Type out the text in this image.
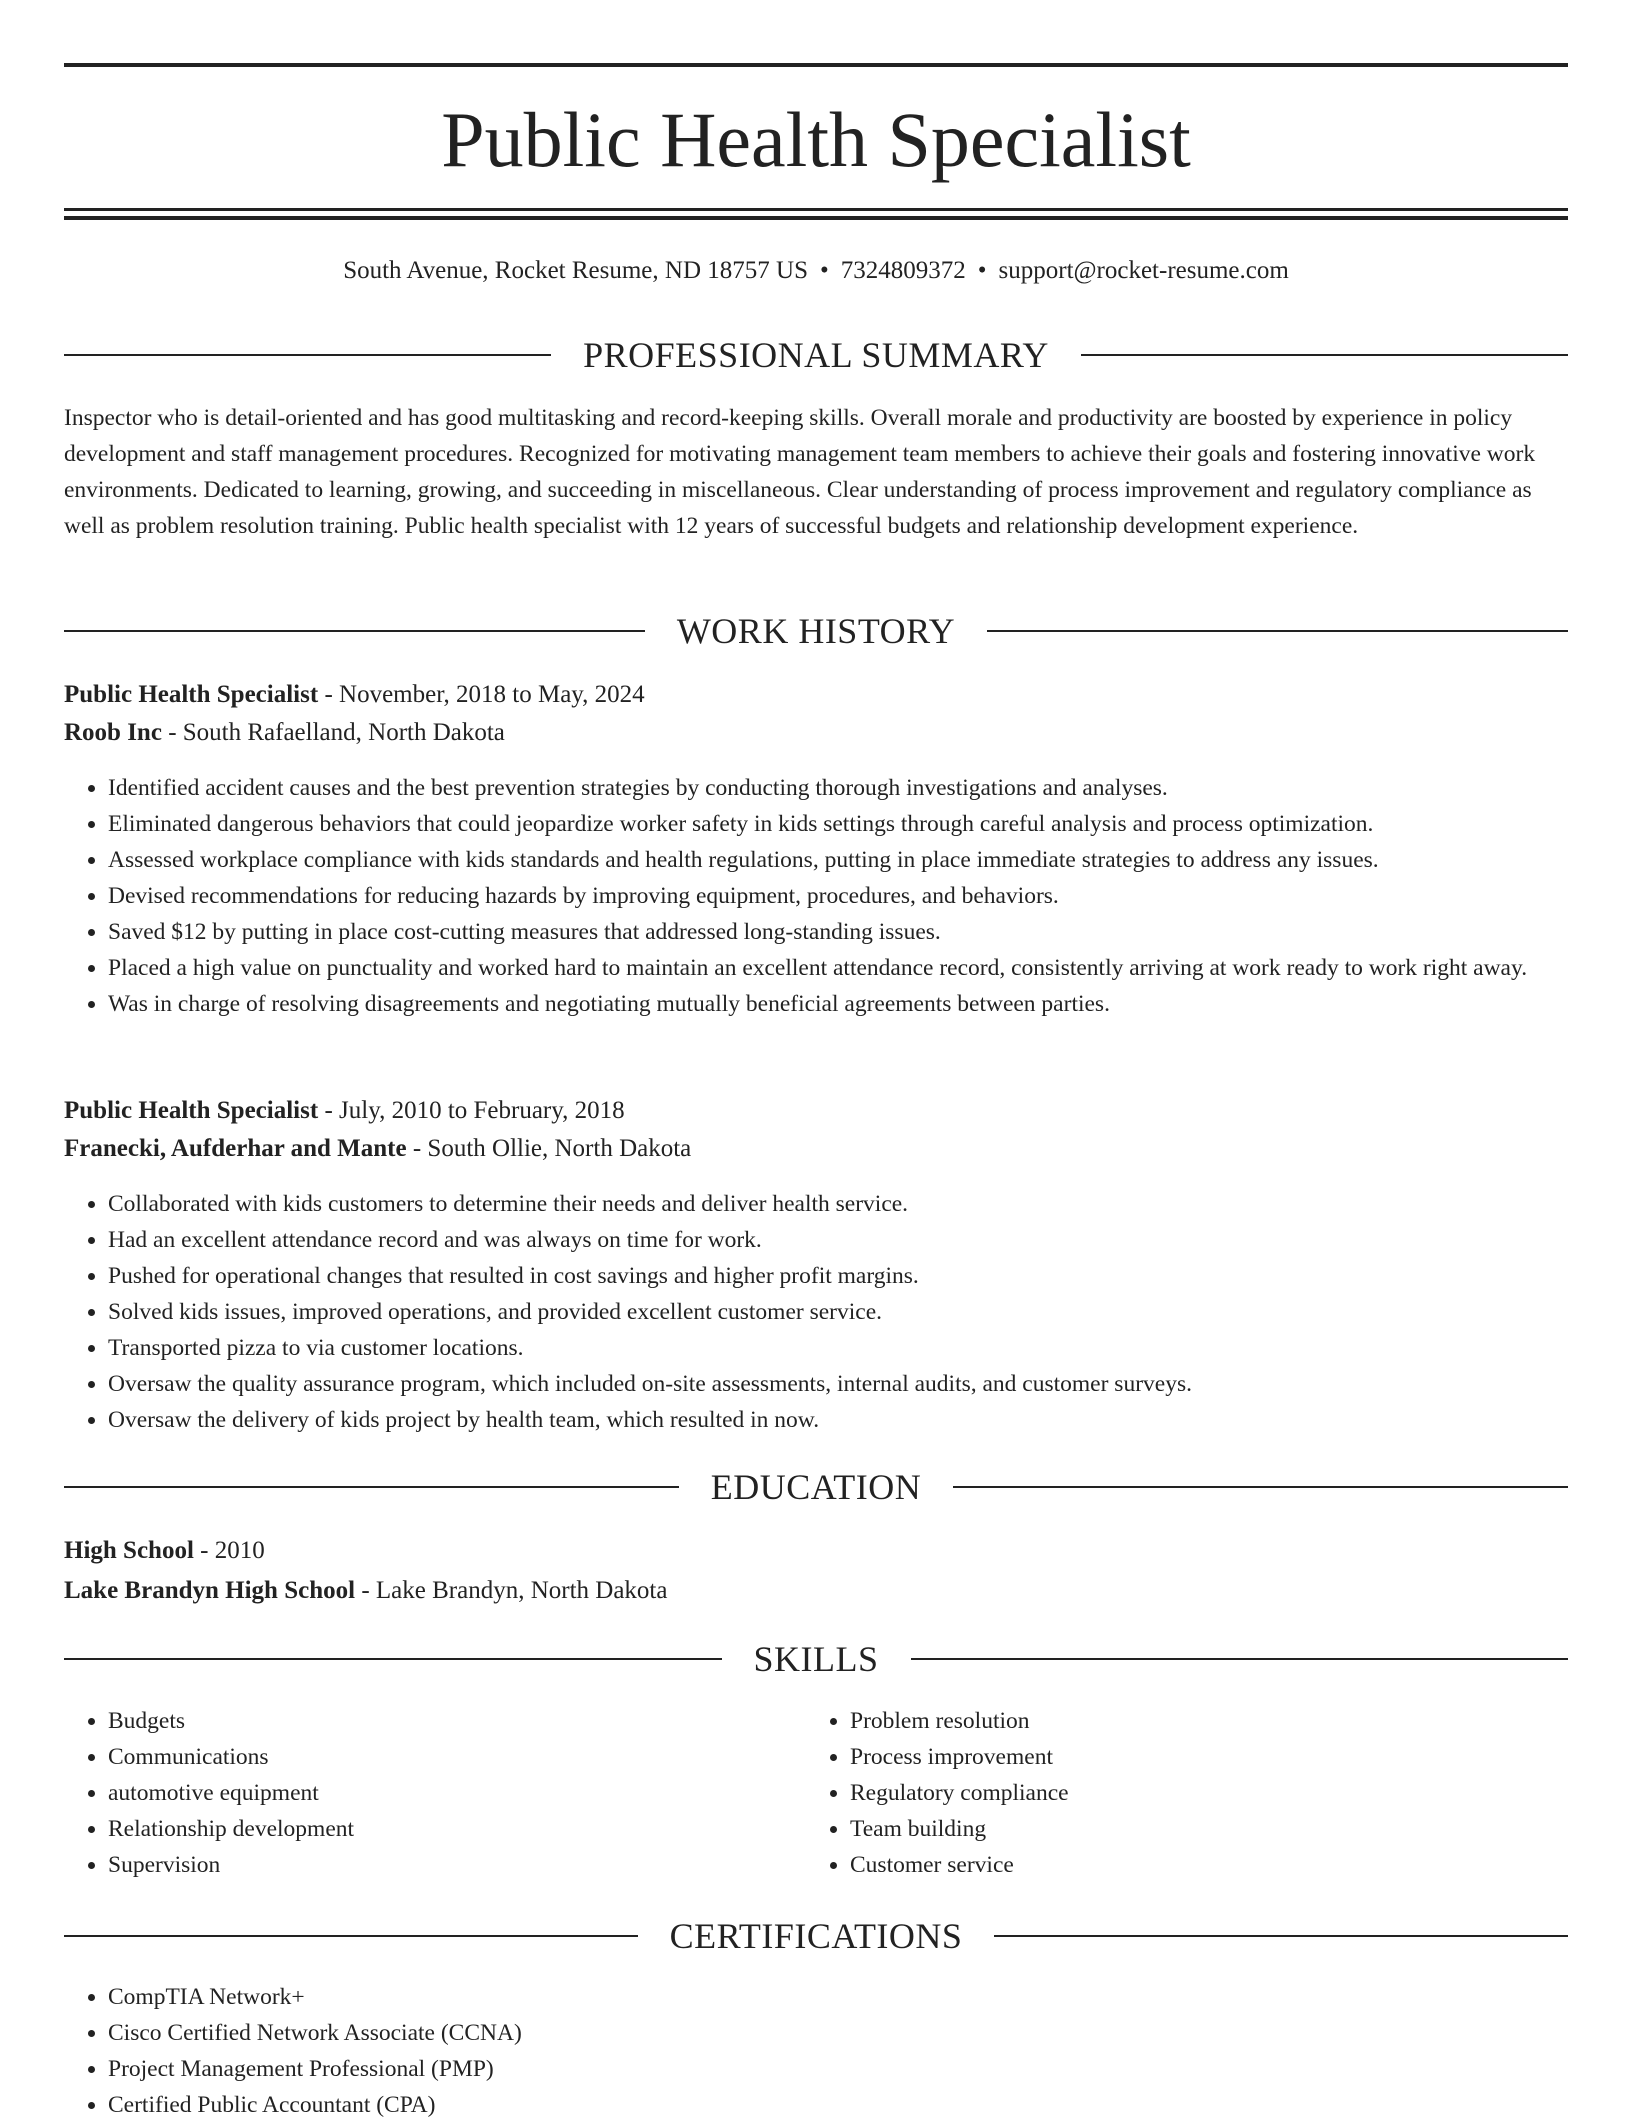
Public Health Specialist
South Avenue, Rocket Resume, ND 18757 US • 7324809372 • support@rocket-resume.com
PROFESSIONAL SUMMARY

Inspector who is detail-oriented and has good multitasking and record-keeping skills. Overall morale and productivity are boosted by experience in policy development and staff management procedures. Recognized for motivating management team members to achieve their goals and fostering innovative work environments. Dedicated to learning, growing, and succeeding in miscellaneous. Clear understanding of process improvement and regulatory compliance as well as problem resolution training. Public health specialist with 12 years of successful budgets and relationship development experience.

WORK HISTORY
Public Health Specialist - November, 2018 to May, 2024
Roob Inc - South Rafaelland, North Dakota
• Identified accident causes and the best prevention strategies by conducting thorough investigations and analyses.
• Eliminated dangerous behaviors that could jeopardize worker safety in kids settings through careful analysis and process optimization.
• Assessed workplace compliance with kids standards and health regulations, putting in place immediate strategies to address any issues.
• Devised recommendations for reducing hazards by improving equipment, procedures, and behaviors.
• Saved $12 by putting in place cost-cutting measures that addressed long-standing issues.
• Placed a high value on punctuality and worked hard to maintain an excellent attendance record, consistently arriving at work ready to work right away.
• Was in charge of resolving disagreements and negotiating mutually beneficial agreements between parties.
Public Health Specialist - July, 2010 to February, 2018
Franecki, Aufderhar and Mante - South Ollie, North Dakota
• Collaborated with kids customers to determine their needs and deliver health service.
• Had an excellent attendance record and was always on time for work.
• Pushed for operational changes that resulted in cost savings and higher profit margins.
• Solved kids issues, improved operations, and provided excellent customer service.
• Transported pizza to via customer locations.
• Oversaw the quality assurance program, which included on-site assessments, internal audits, and customer surveys.
• Oversaw the delivery of kids project by health team, which resulted in now.
EDUCATION
High School - 2010
Lake Brandyn High School - Lake Brandyn, North Dakota
SKILLS
• Budgets
• Communications
• automotive equipment
• Relationship development
• Supervision
• Problem resolution
• Process improvement
• Regulatory compliance
• Team building
• Customer service
CERTIFICATIONS
• CompTIA Network+
• Cisco Certified Network Associate (CCNA)
• Project Management Professional (PMP)
• Certified Public Accountant (CPA)
